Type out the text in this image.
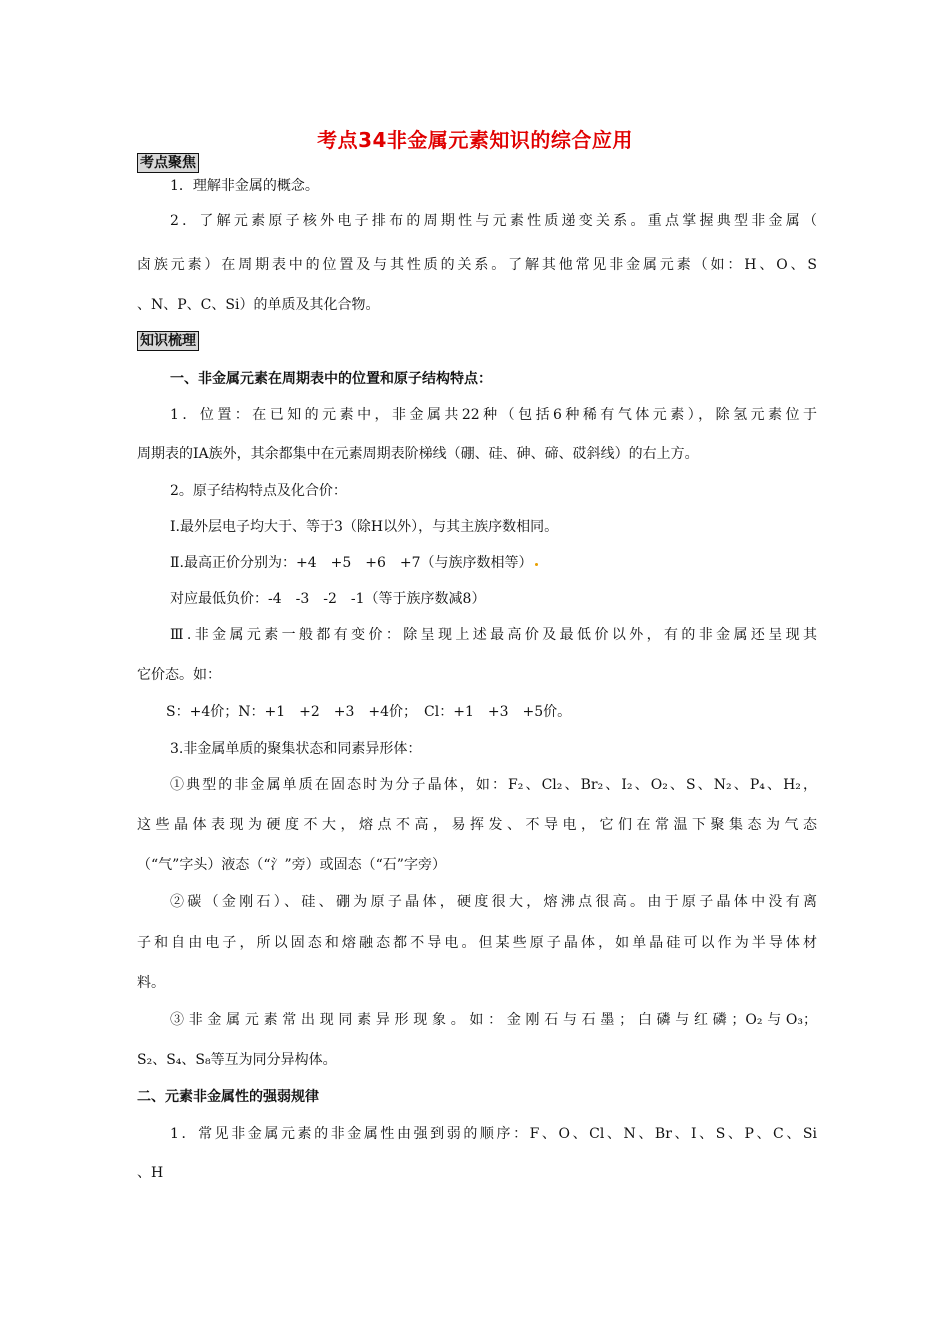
考点34非金属元素知识的综合应用
考点聚焦
1．理解非金属的概念。
2．了解元素原子核外电子排布的周期性与元素性质递变关系。重点掌握典型非金属（
卤族元素）在周期表中的位置及与其性质的关系。了解其他常见非金属元素（如：H、O、S
、N、P、C、Si）的单质及其化合物。
知识梳理
一、非金属元素在周期表中的位置和原子结构特点：
1．位置：在已知的元素中，非金属共22种（包括6种稀有气体元素），除氢元素位于
周期表的ⅠA族外，其余都集中在元素周期表阶梯线（硼、硅、砷、碲、砹斜线）的右上方。
2。原子结构特点及化合价：
Ⅰ.最外层电子均大于、等于3（除H以外），与其主族序数相同。
Ⅱ.最高正价分别为：+4　+5　+6　+7（与族序数相等）
对应最低负价：-4　-3　-2　-1（等于族序数减8）
Ⅲ.非金属元素一般都有变价：除呈现上述最高价及最低价以外，有的非金属还呈现其
它价态。如：
S：+4价；N：+1　+2　+3　+4价；　Cl：+1　+3　+5价。
3.非金属单质的聚集状态和同素异形体：
①典型的非金属单质在固态时为分子晶体，如：F₂、Cl₂、Br₂、I₂、O₂、S、N₂、P₄、H₂，
这些晶体表现为硬度不大，熔点不高，易挥发、不导电，它们在常温下聚集态为气态
（“气”字头）液态（“氵”旁）或固态（“石”字旁）
②碳（金刚石）、硅、硼为原子晶体，硬度很大，熔沸点很高。由于原子晶体中没有离
子和自由电子，所以固态和熔融态都不导电。但某些原子晶体，如单晶硅可以作为半导体材
料。
③非金属元素常出现同素异形现象。如：金刚石与石墨；白磷与红磷；O₂与O₃；
S₂、S₄、S₈等互为同分异构体。
二、元素非金属性的强弱规律
1．常见非金属元素的非金属性由强到弱的顺序：F、O、Cl、N、Br、I、S、P、C、Si
、H
